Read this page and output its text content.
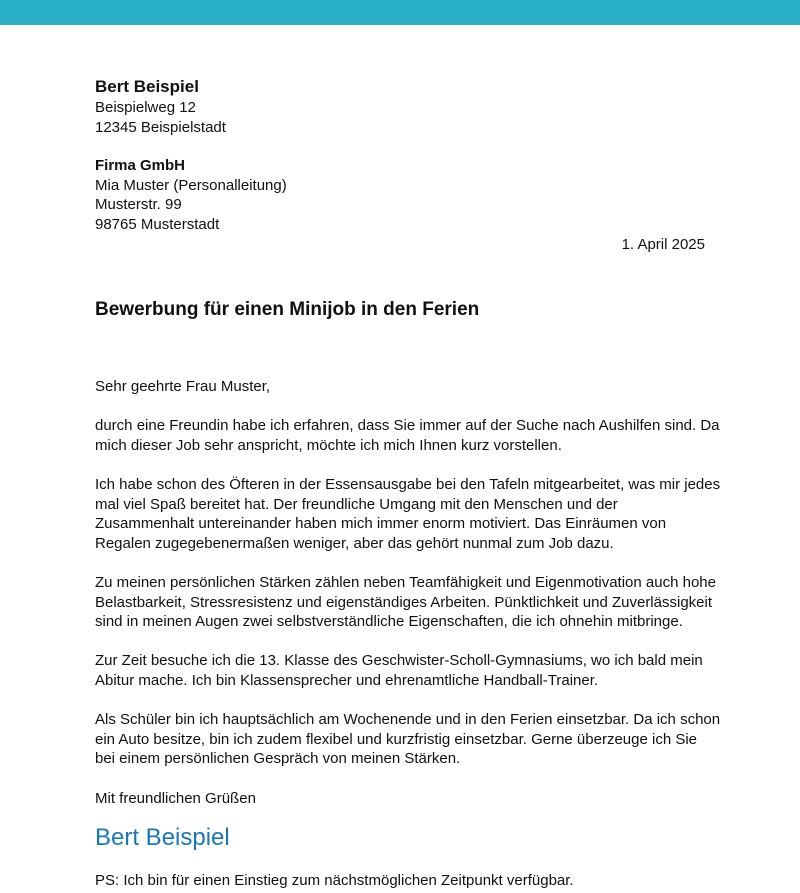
Bert Beispiel
Beispielweg 12
12345 Beispielstadt
Firma GmbH
Mia Muster (Personalleitung)
Musterstr. 99
98765 Musterstadt
1. April 2025
Bewerbung für einen Minijob in den Ferien
Sehr geehrte Frau Muster,
durch eine Freundin habe ich erfahren, dass Sie immer auf der Suche nach Aushilfen sind. Da
mich dieser Job sehr anspricht, möchte ich mich Ihnen kurz vorstellen.
Ich habe schon des Öfteren in der Essensausgabe bei den Tafeln mitgearbeitet, was mir jedes
mal viel Spaß bereitet hat. Der freundliche Umgang mit den Menschen und der
Zusammenhalt untereinander haben mich immer enorm motiviert. Das Einräumen von
Regalen zugegebenermaßen weniger, aber das gehört nunmal zum Job dazu.
Zu meinen persönlichen Stärken zählen neben Teamfähigkeit und Eigenmotivation auch hohe
Belastbarkeit, Stressresistenz und eigenständiges Arbeiten. Pünktlichkeit und Zuverlässigkeit
sind in meinen Augen zwei selbstverständliche Eigenschaften, die ich ohnehin mitbringe.
Zur Zeit besuche ich die 13. Klasse des Geschwister-Scholl-Gymnasiums, wo ich bald mein
Abitur mache. Ich bin Klassensprecher und ehrenamtliche Handball-Trainer.
Als Schüler bin ich hauptsächlich am Wochenende und in den Ferien einsetzbar. Da ich schon
ein Auto besitze, bin ich zudem flexibel und kurzfristig einsetzbar. Gerne überzeuge ich Sie
bei einem persönlichen Gespräch von meinen Stärken.
Mit freundlichen Grüßen
Bert Beispiel
PS: Ich bin für einen Einstieg zum nächstmöglichen Zeitpunkt verfügbar.
